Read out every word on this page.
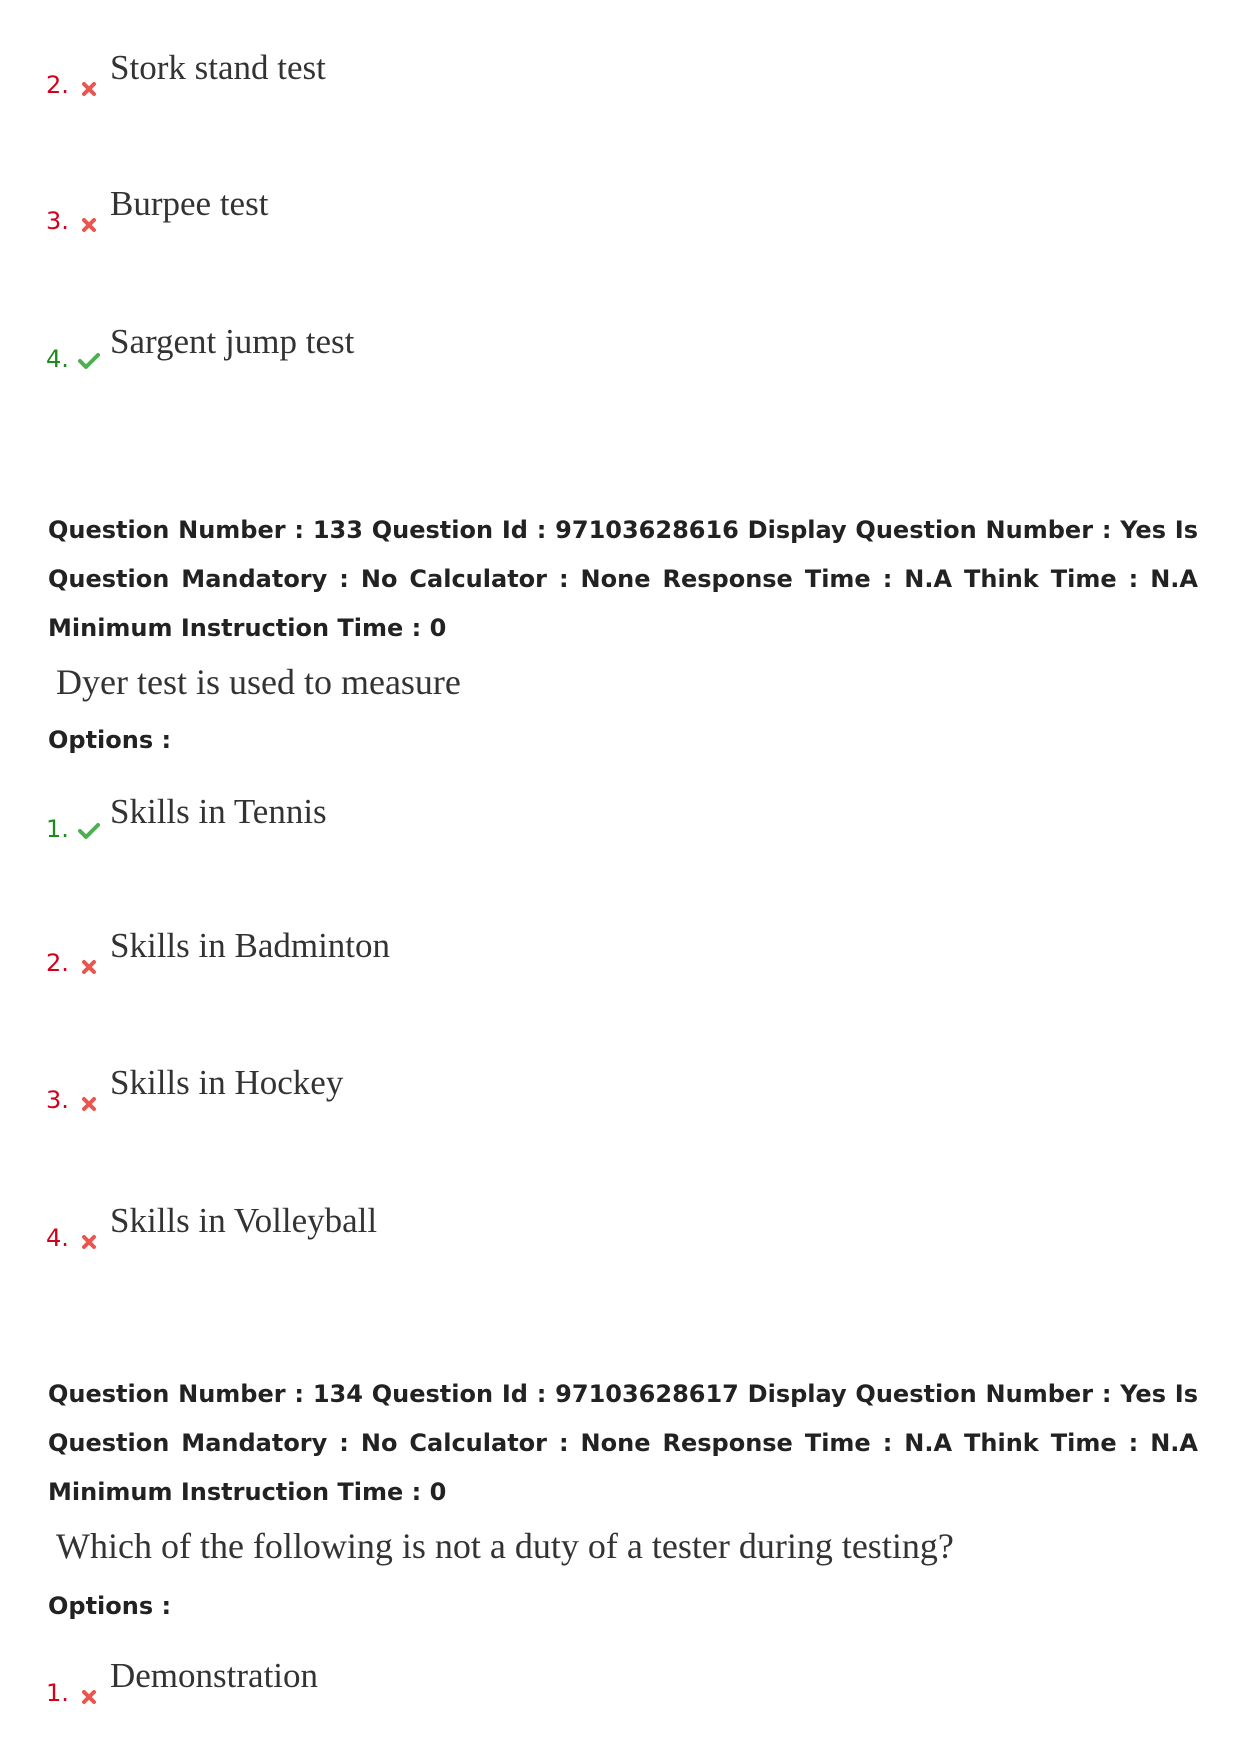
2. Stork stand test
3. Burpee test
4. Sargent jump test
Question Number : 133 Question Id : 97103628616 Display Question Number : Yes Is Question Mandatory : No Calculator : None Response Time : N.A Think Time : N.A Minimum Instruction Time : 0
Dyer test is used to measure
Options :
1. Skills in Tennis
2. Skills in Badminton
3. Skills in Hockey
4. Skills in Volleyball
Question Number : 134 Question Id : 97103628617 Display Question Number : Yes Is Question Mandatory : No Calculator : None Response Time : N.A Think Time : N.A Minimum Instruction Time : 0
Which of the following is not a duty of a tester during testing?
Options :
1. Demonstration
